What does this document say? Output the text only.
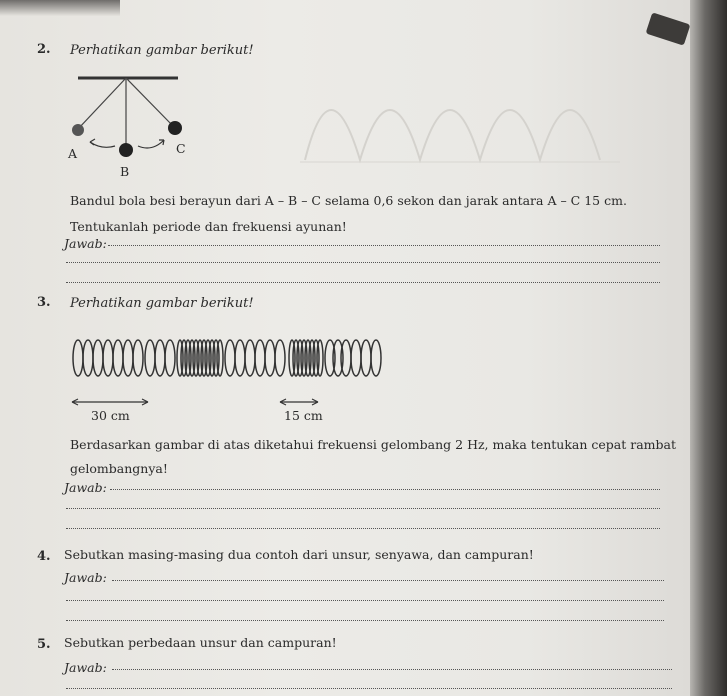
2. Perhatikan gambar berikut!
A
B
C
Bandul bola besi berayun dari A – B – C selama 0,6 sekon dan jarak antara A – C 15 cm.
Tentukanlah periode dan frekuensi ayunan!
Jawab:
3. Perhatikan gambar berikut!
30 cm	15 cm
Berdasarkan gambar di atas diketahui frekuensi gelombang 2 Hz, maka tentukan cepat rambat
gelombangnya!
Jawab:
4. Sebutkan masing-masing dua contoh dari unsur, senyawa, dan campuran!
Jawab:
5. Sebutkan perbedaan unsur dan campuran!
Jawab:
